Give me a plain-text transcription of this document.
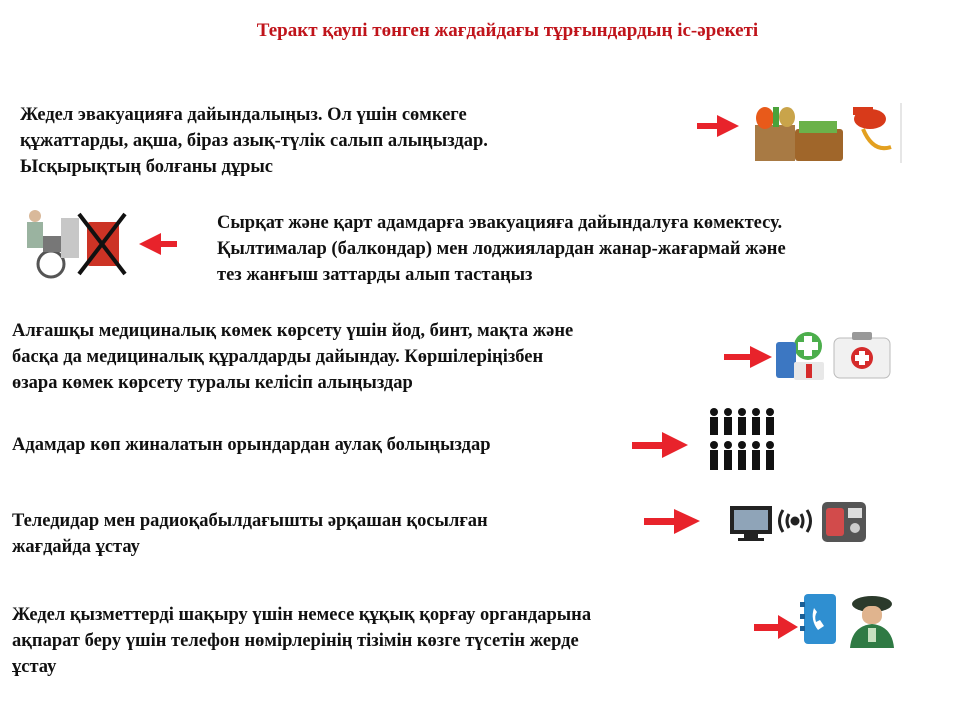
Теракт қаупі төнген жағдайдағы тұрғындардың іс-әрекеті
Жедел эвакуацияға дайындалыңыз. Ол үшін сөмкеге
құжаттарды, ақша, біраз азық-түлік салып алыңыздар.
Ысқырықтың болғаны дұрыс
Сырқат және қарт адамдарға эвакуацияға дайындалуға көмектесу.
Қылтималар (балкондар) мен лоджиялардан жанар-жағармай және
тез жанғыш заттарды алып тастаңыз
Алғашқы медициналық көмек көрсету үшін йод, бинт, мақта және
басқа да медициналық құралдарды дайындау. Көршілеріңізбен
өзара көмек көрсету туралы келісіп алыңыздар
Адамдар көп жиналатын орындардан аулақ болыңыздар
Теледидар мен радиоқабылдағышты әрқашан қосылған
жағдайда ұстау
Жедел қызметтерді шақыру үшін немесе құқық қорғау органдарына
ақпарат беру үшін телефон нөмірлерінің тізімін көзге түсетін жерде
ұстау
